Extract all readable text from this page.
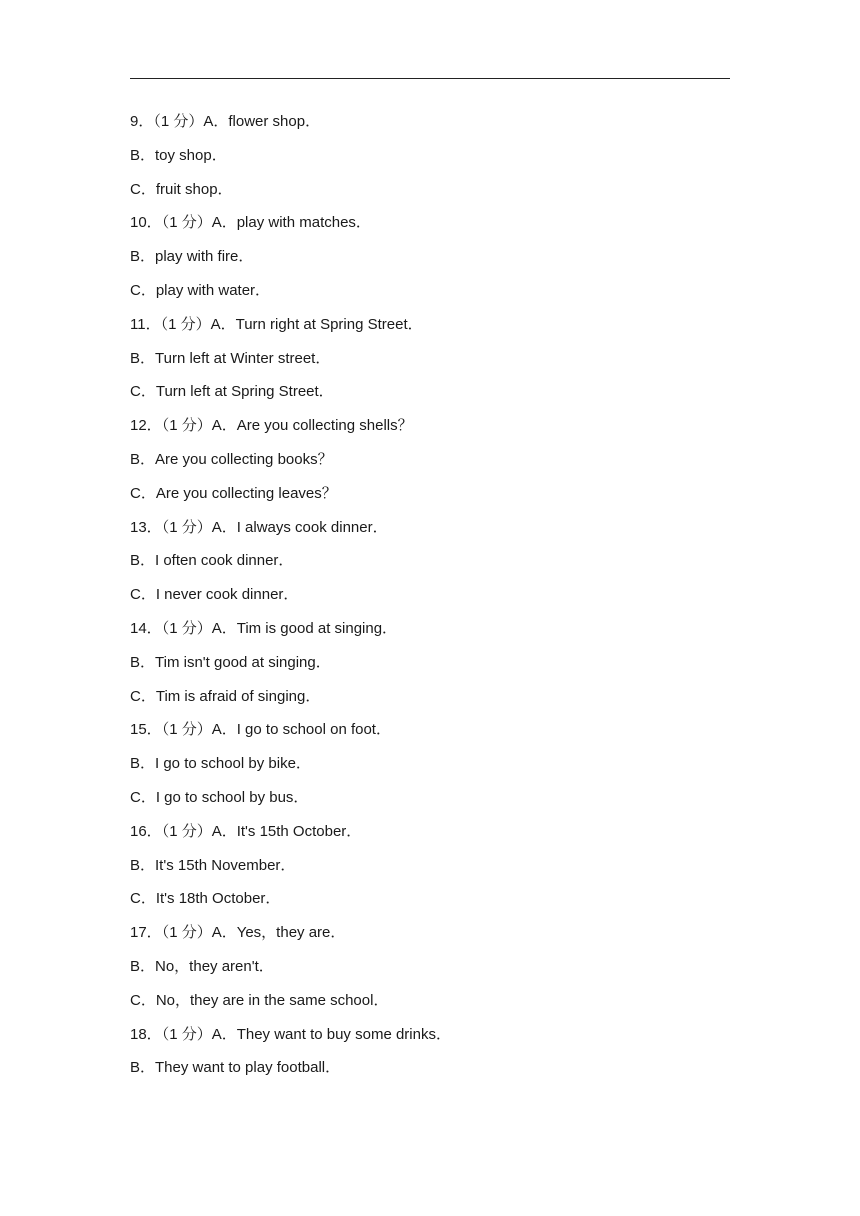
9．（1 分）A．flower shop．
B．toy shop．
C．fruit shop．
10．（1 分）A．play with matches．
B．play with fire．
C．play with water．
11．（1 分）A．Turn right at Spring Street．
B．Turn left at Winter street．
C．Turn left at Spring Street．
12．（1 分）A．Are you collecting shells？
B．Are you collecting books？
C．Are you collecting leaves？
13．（1 分）A．I always cook dinner．
B．I often cook dinner．
C．I never cook dinner．
14．（1 分）A．Tim is good at singing．
B．Tim isn't good at singing．
C．Tim is afraid of singing．
15．（1 分）A．I go to school on foot．
B．I go to school by bike．
C．I go to school by bus．
16．（1 分）A．It's 15th October．
B．It's 15th November．
C．It's 18th October．
17．（1 分）A．Yes，they are．
B．No，they aren't．
C．No，they are in the same school．
18．（1 分）A．They want to buy some drinks．
B．They want to play football．
